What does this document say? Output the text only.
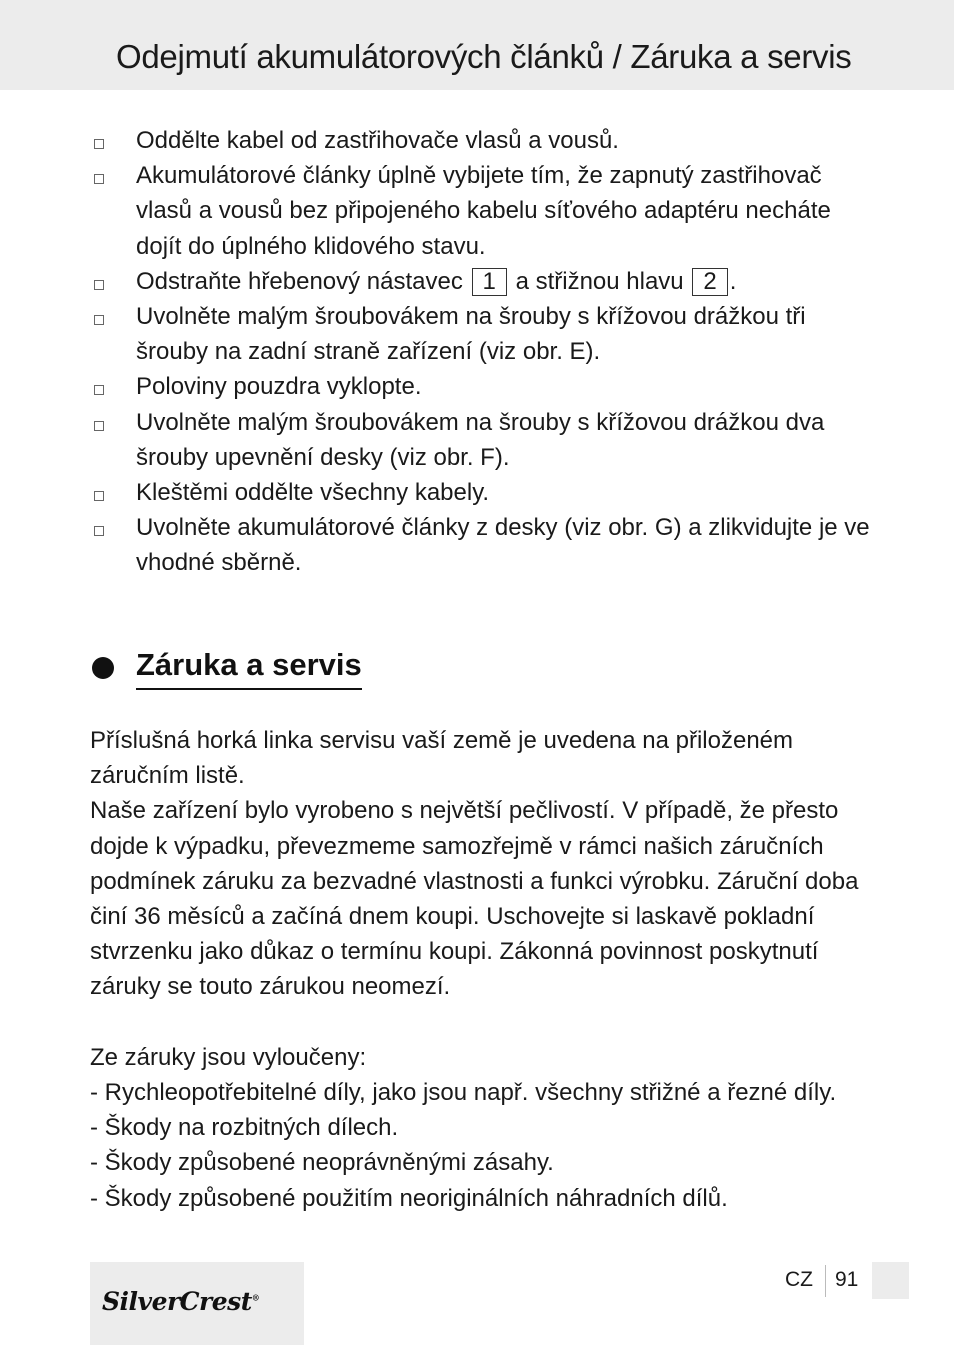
Odejmutí akumulátorových článků / Záruka a servis
Oddělte kabel od zastřihovače vlasů a vousů.
Akumulátorové články úplně vybijete tím, že zapnutý zastřihovač vlasů a vousů bez připojeného kabelu síťového adaptéru necháte dojít do úplného klidového stavu.
Odstraňte hřebenový nástavec 1 a střižnou hlavu 2 .
Uvolněte malým šroubovákem na šrouby s křížovou drážkou tři šrouby na zadní straně zařízení (viz obr. E).
Poloviny pouzdra vyklopte.
Uvolněte malým šroubovákem na šrouby s křížovou drážkou dva šrouby upevnění desky (viz obr. F).
Kleštěmi oddělte všechny kabely.
Uvolněte akumulátorové články z desky (viz obr. G) a zlikvidujte je ve vhodné sběrně.
Záruka a servis

Příslušná horká linka servisu vaší země je uvedena na přiloženém záručním listě.

Naše zařízení bylo vyrobeno s největší pečlivostí. V případě, že přesto dojde k výpadku, převezmeme samozřejmě v rámci našich záručních podmínek záruku za bezvadné vlastnosti a funkci výrobku. Záruční doba činí 36 měsíců a začíná dnem koupi. Uschovejte si laskavě pokladní stvrzenku jako důkaz o termínu koupi. Zákonná povinnost poskytnutí záruky se touto zárukou neomezí.

Ze záruky jsou vyloučeny:

- Rychleopotřebitelné díly, jako jsou např. všechny střižné a řezné díly.

- Škody na rozbitných dílech.

- Škody způsobené neoprávněnými zásahy.

- Škody způsobené použitím neoriginálních náhradních dílů.

SilverCrest®
CZ 91
